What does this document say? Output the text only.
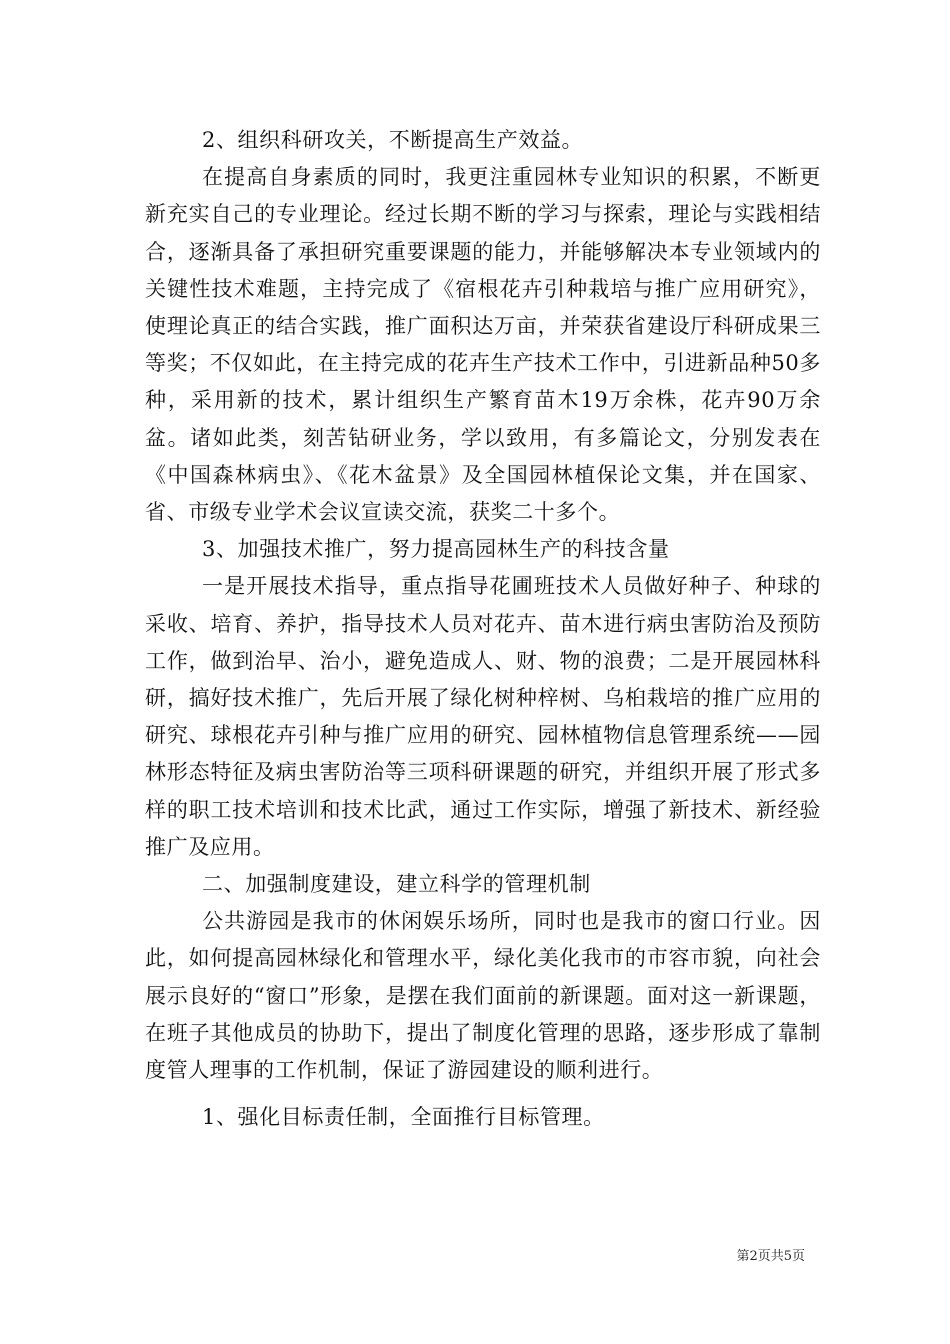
2、组织科研攻关，不断提高生产效益。

在提高自身素质的同时，我更注重园林专业知识的积累，不断更新充实自己的专业理论。经过长期不断的学习与探索，理论与实践相结合，逐渐具备了承担研究重要课题的能力，并能够解决本专业领域内的关键性技术难题，主持完成了《宿根花卉引种栽培与推广应用研究》，使理论真正的结合实践，推广面积达万亩，并荣获省建设厅科研成果三等奖；不仅如此，在主持完成的花卉生产技术工作中，引进新品种50多种，采用新的技术，累计组织生产繁育苗木19万余株，花卉90万余盆。诸如此类，刻苦钻研业务，学以致用，有多篇论文，分别发表在《中国森林病虫》、《花木盆景》及全国园林植保论文集，并在国家、省、市级专业学术会议宣读交流，获奖二十多个。

3、加强技术推广，努力提高园林生产的科技含量

一是开展技术指导，重点指导花圃班技术人员做好种子、种球的采收、培育、养护，指导技术人员对花卉、苗木进行病虫害防治及预防工作，做到治早、治小，避免造成人、财、物的浪费；二是开展园林科研，搞好技术推广，先后开展了绿化树种梓树、乌桕栽培的推广应用的研究、球根花卉引种与推广应用的研究、园林植物信息管理系统——园林形态特征及病虫害防治等三项科研课题的研究，并组织开展了形式多样的职工技术培训和技术比武，通过工作实际，增强了新技术、新经验推广及应用。

二、加强制度建设，建立科学的管理机制

公共游园是我市的休闲娱乐场所，同时也是我市的窗口行业。因此，如何提高园林绿化和管理水平，绿化美化我市的市容市貌，向社会展示良好的“窗口”形象，是摆在我们面前的新课题。面对这一新课题，在班子其他成员的协助下，提出了制度化管理的思路，逐步形成了靠制度管人理事的工作机制，保证了游园建设的顺利进行。

1、强化目标责任制，全面推行目标管理。

第2页共5页
